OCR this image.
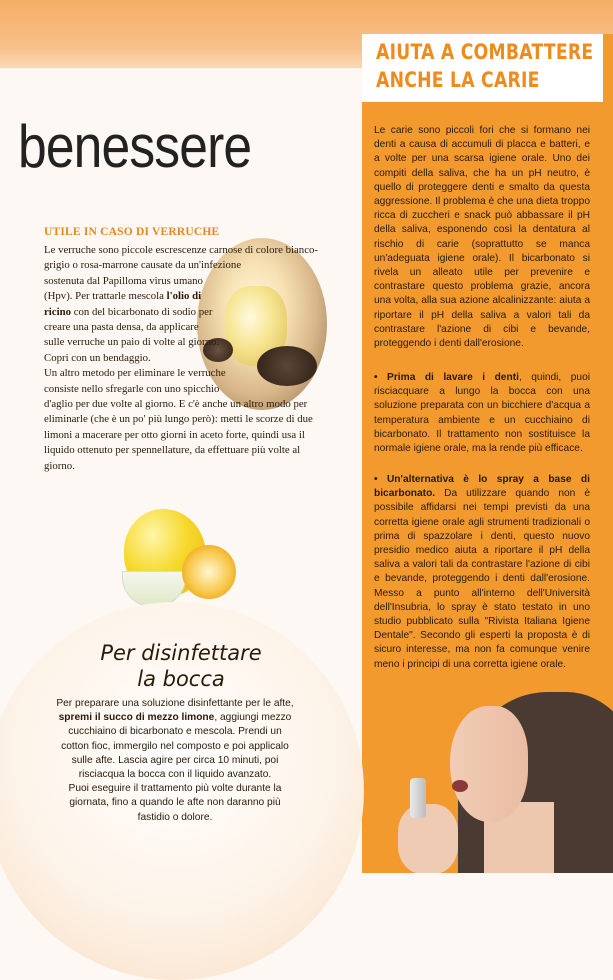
AIUTA A COMBATTERE
ANCHE LA CARIE
Le carie sono piccoli fori che si formano nei denti a causa di accumuli di placca e batteri, e a volte per una scarsa igiene orale. Uno dei compiti della saliva, che ha un pH neutro, è quello di proteggere denti e smalto da questa aggressione. Il problema è che una dieta troppo ricca di zuccheri e snack può abbassare il pH della saliva, esponendo così la dentatura al rischio di carie (soprattutto se manca un'adeguata igiene orale). Il bicarbonato si rivela un alleato utile per prevenire e contrastare questo problema grazie, ancora una volta, alla sua azione alcalinizzante: aiuta a riportare il pH della saliva a valori tali da contrastare l'azione di cibi e bevande, proteggendo i denti dall'erosione.
• Prima di lavare i denti, quindi, puoi risciacquare a lungo la bocca con una soluzione preparata con un bicchiere d'acqua a temperatura ambiente e un cucchiaino di bicarbonato. Il trattamento non sostituisce la normale igiene orale, ma la rende più efficace.
• Un'alternativa è lo spray a base di bicarbonato. Da utilizzare quando non è possibile affidarsi nei tempi previsti da una corretta igiene orale agli strumenti tradizionali o prima di spazzolare i denti, questo nuovo presidio medico aiuta a riportare il pH della saliva a valori tali da contrastare l'azione di cibi e bevande, proteggendo i denti dall'erosione. Messo a punto all'interno dell'Università dell'Insubria, lo spray è stato testato in uno studio pubblicato sulla "Rivista Italiana Igiene Dentale". Secondo gli esperti la proposta è di sicuro interesse, ma non fa comunque venire meno i principi di una corretta igiene orale.
benessere
UTILE IN CASO DI VERRUCHE
Le verruche sono piccole escrescenze carnose di colore bianco-grigio o rosa-marrone causate da un'infezione sostenuta dal Papilloma virus umano (Hpv). Per trattarle mescola l'olio di ricino con del bicarbonato di sodio per creare una pasta densa, da applicare sulle verruche un paio di volte al giorno. Copri con un bendaggio.
Un altro metodo per eliminare le verruche consiste nello sfregarle con uno spicchio d'aglio per due volte al giorno. E c'è anche un altro modo per eliminarle (che è un po' più lungo però): metti le scorze di due limoni a macerare per otto giorni in aceto forte, quindi usa il liquido ottenuto per spennellature, da effettuare più volte al giorno.
Per disinfettare
la bocca
Per preparare una soluzione disinfettante per le afte, spremi il succo di mezzo limone, aggiungi mezzo cucchiaino di bicarbonato e mescola. Prendi un cotton fioc, immergilo nel composto e poi applicalo sulle afte. Lascia agire per circa 10 minuti, poi risciacqua la bocca con il liquido avanzato.
Puoi eseguire il trattamento più volte durante la giornata, fino a quando le afte non daranno più fastidio o dolore.
